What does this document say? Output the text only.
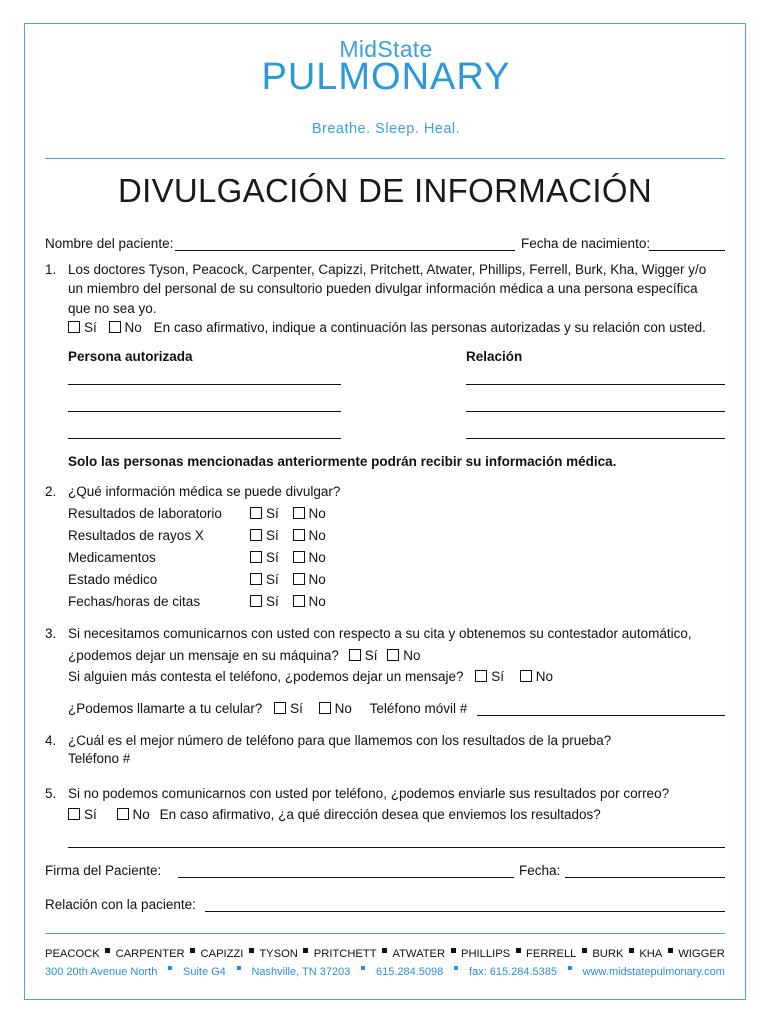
MidState
PULMONARY
Breathe. Sleep. Heal.
DIVULGACIÓN DE INFORMACIÓN
Nombre del paciente:	Fecha de nacimiento:
1. Los doctores Tyson, Peacock, Carpenter, Capizzi, Pritchett, Atwater, Phillips, Ferrell, Burk, Kha, Wigger y/o
un miembro del personal de su consultorio pueden divulgar información médica a una persona específica
que no sea yo.
Sí No En caso afirmativo, indique a continuación las personas autorizadas y su relación con usted.
Persona autorizada	Relación
Solo las personas mencionadas anteriormente podrán recibir su información médica.
2. ¿Qué información médica se puede divulgar?
Resultados de laboratorio	Sí No
Resultados de rayos X	Sí No
Medicamentos	Sí No
Estado médico	Sí No
Fechas/horas de citas	Sí No
3. Si necesitamos comunicarnos con usted con respecto a su cita y obtenemos su contestador automático,
¿podemos dejar un mensaje en su máquina? Sí No
Si alguien más contesta el teléfono, ¿podemos dejar un mensaje? Sí No
¿Podemos llamarte a tu celular? Sí No Teléfono móvil #
4. ¿Cuál es el mejor número de teléfono para que llamemos con los resultados de la prueba?
Teléfono #
5. Si no podemos comunicarnos con usted por teléfono, ¿podemos enviarle sus resultados por correo?
Sí	No En caso afirmativo, ¿a qué dirección desea que enviemos los resultados?
Firma del Paciente:	Fecha:
Relación con la paciente:
PEACOCK CARPENTER CAPIZZI TYSON PRITCHETT ATWATER PHILLIPS FERRELL BURK KHA WIGGER
300 20th Avenue North Suite G4 Nashville, TN 37203 615.284.5098 fax: 615.284.5385 www.midstatepulmonary.com
